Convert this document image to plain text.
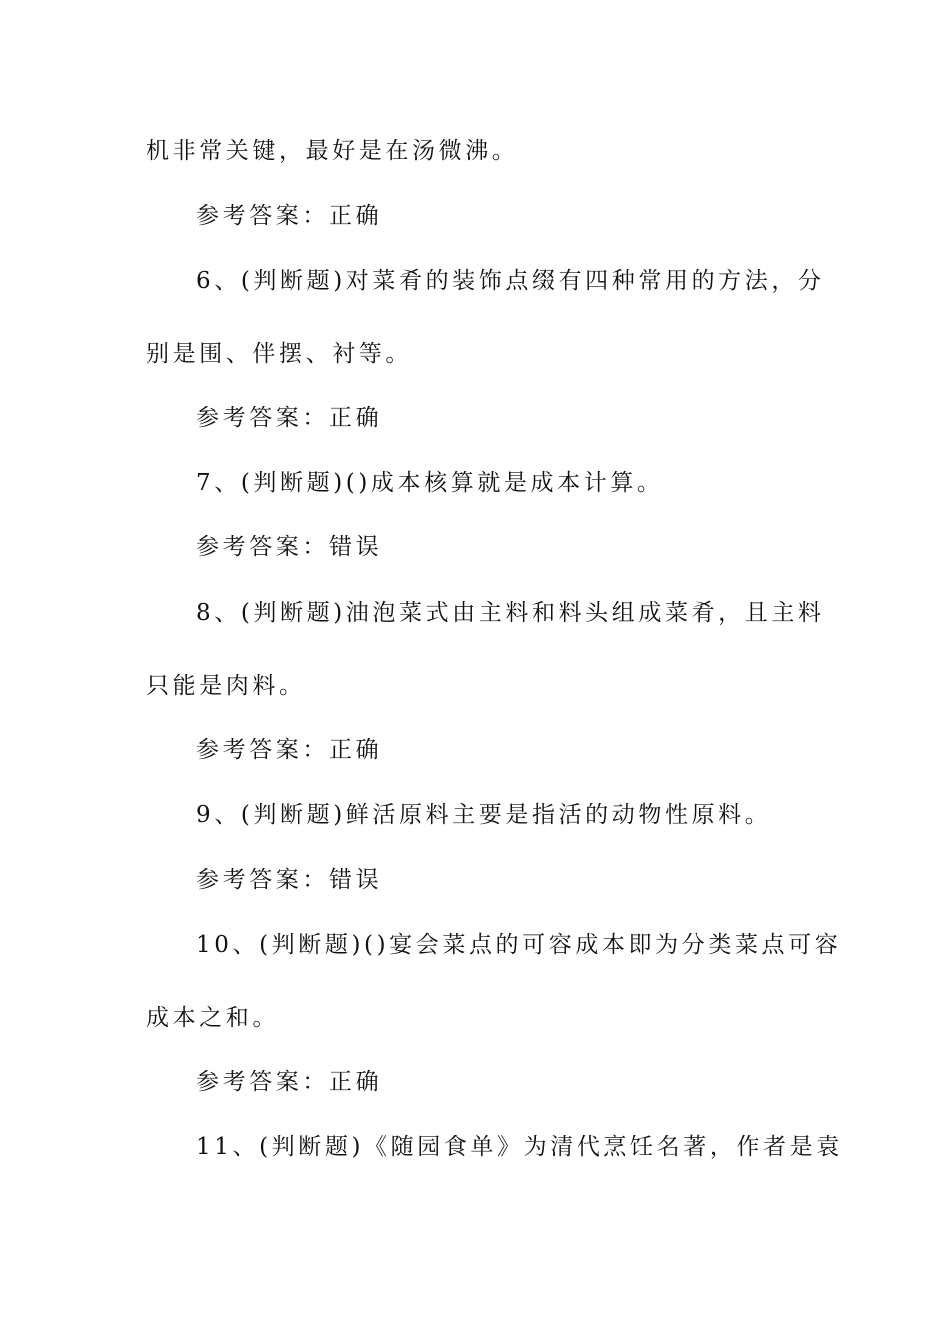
机非常关键，最好是在汤微沸。
参考答案：正确
6、(判断题)对菜肴的装饰点缀有四种常用的方法，分
别是围、伴摆、衬等。
参考答案：正确
7、(判断题)()成本核算就是成本计算。
参考答案：错误
8、(判断题)油泡菜式由主料和料头组成菜肴，且主料
只能是肉料。
参考答案：正确
9、(判断题)鲜活原料主要是指活的动物性原料。
参考答案：错误
10、(判断题)()宴会菜点的可容成本即为分类菜点可容
成本之和。
参考答案：正确
11、(判断题)《随园食单》为清代烹饪名著，作者是袁
